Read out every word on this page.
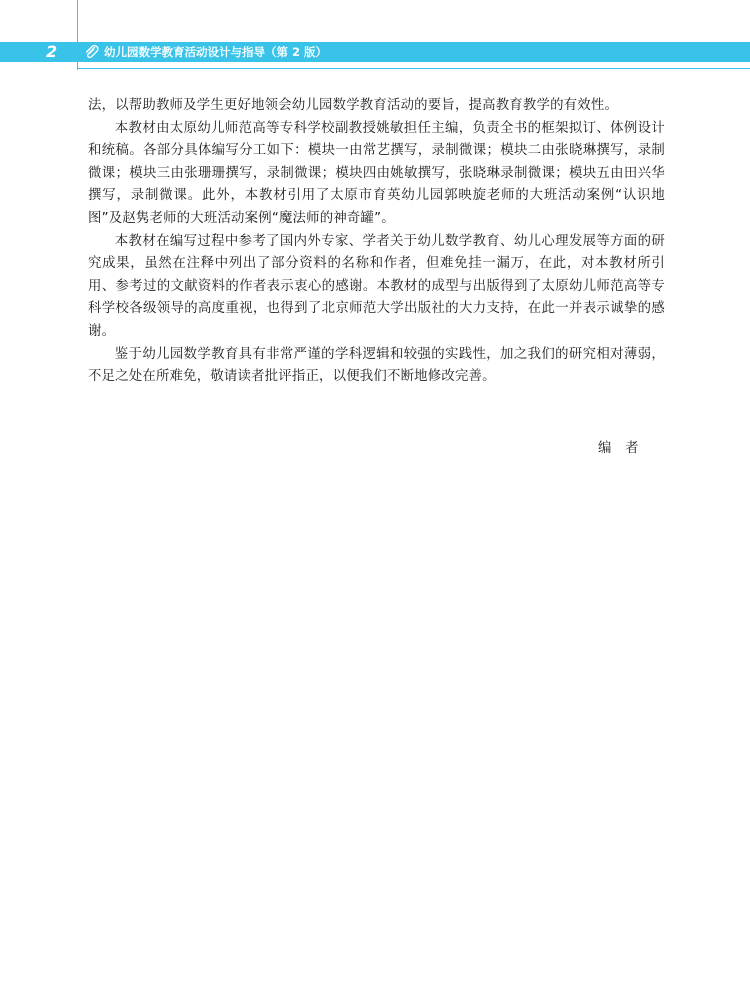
2	幼儿园数学教育活动设计与指导（第 2 版）

法，以帮助教师及学生更好地领会幼儿园数学教育活动的要旨，提高教育教学的有效性。

本教材由太原幼儿师范高等专科学校副教授姚敏担任主编，负责全书的框架拟订、体例设计和统稿。各部分具体编写分工如下：模块一由常艺撰写，录制微课；模块二由张晓琳撰写，录制微课；模块三由张珊珊撰写，录制微课；模块四由姚敏撰写，张晓琳录制微课；模块五由田兴华撰写，录制微课。此外，本教材引用了太原市育英幼儿园郭映旋老师的大班活动案例“认识地图”及赵隽老师的大班活动案例“魔法师的神奇罐”。

本教材在编写过程中参考了国内外专家、学者关于幼儿数学教育、幼儿心理发展等方面的研究成果，虽然在注释中列出了部分资料的名称和作者，但难免挂一漏万，在此，对本教材所引用、参考过的文献资料的作者表示衷心的感谢。本教材的成型与出版得到了太原幼儿师范高等专科学校各级领导的高度重视，也得到了北京师范大学出版社的大力支持，在此一并表示诚挚的感谢。

鉴于幼儿园数学教育具有非常严谨的学科逻辑和较强的实践性，加之我们的研究相对薄弱，不足之处在所难免，敬请读者批评指正，以便我们不断地修改完善。

编　者
